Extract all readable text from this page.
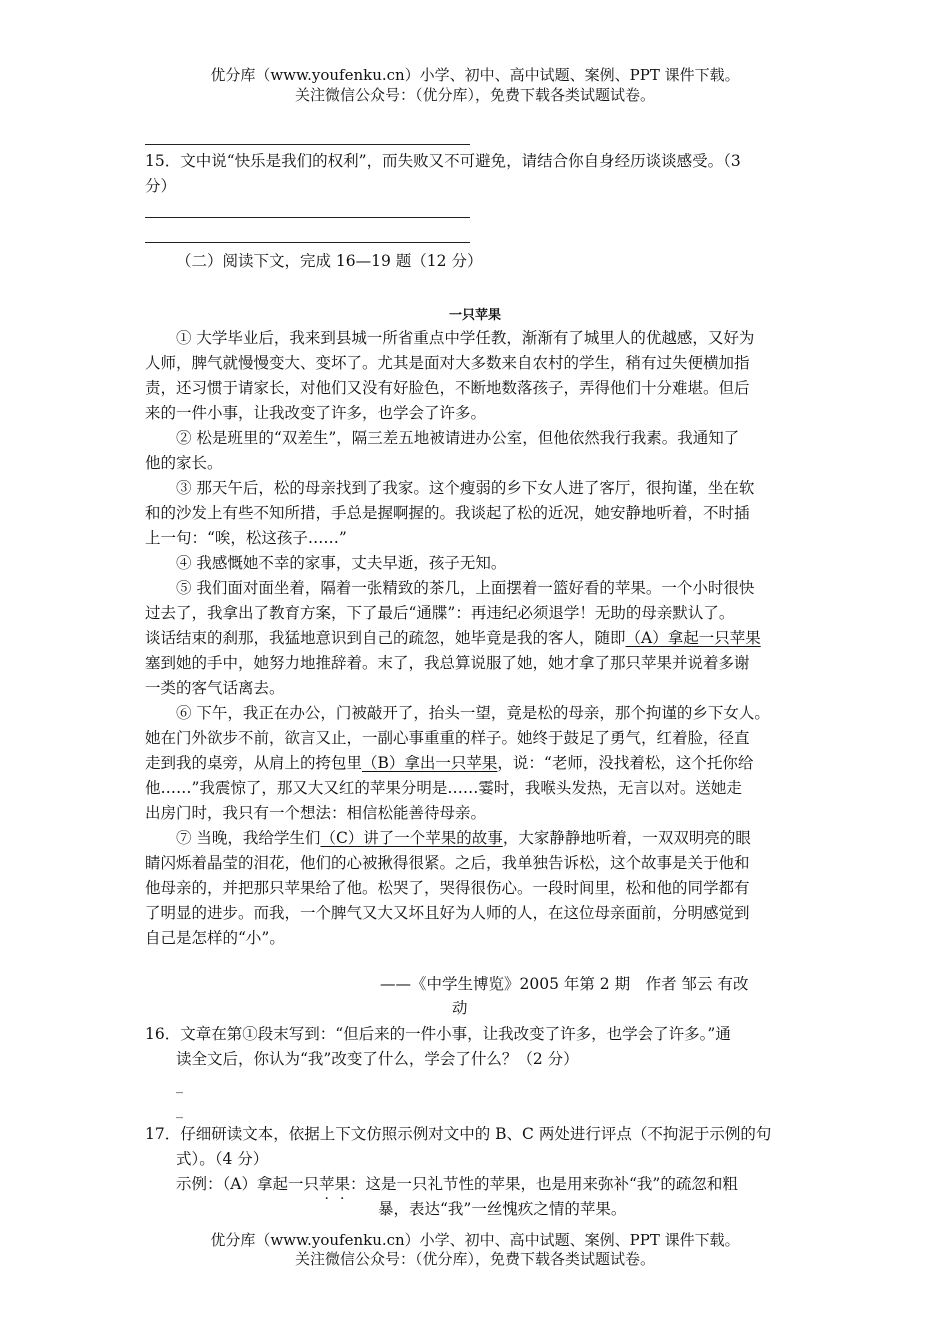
优分库（www.youfenku.cn）小学、初中、高中试题、案例、PPT 课件下载。
关注微信公众号：（优分库），免费下载各类试题试卷。
15．文中说“快乐是我们的权利”，而失败又不可避免，请结合你自身经历谈谈感受。（3
分）
（二）阅读下文，完成 16—19 题（12 分）
一只苹果
① 大学毕业后，我来到县城一所省重点中学任教，渐渐有了城里人的优越感，又好为
人师，脾气就慢慢变大、变坏了。尤其是面对大多数来自农村的学生，稍有过失便横加指
责，还习惯于请家长，对他们又没有好脸色，不断地数落孩子，弄得他们十分难堪。但后
来的一件小事，让我改变了许多，也学会了许多。
② 松是班里的“双差生”，隔三差五地被请进办公室，但他依然我行我素。我通知了
他的家长。
③ 那天午后，松的母亲找到了我家。这个瘦弱的乡下女人进了客厅，很拘谨，坐在软
和的沙发上有些不知所措，手总是握啊握的。我谈起了松的近况，她安静地听着，不时插
上一句：“唉，松这孩子……”
④ 我感慨她不幸的家事，丈夫早逝，孩子无知。
⑤ 我们面对面坐着，隔着一张精致的茶几，上面摆着一篮好看的苹果。一个小时很快
过去了，我拿出了教育方案，下了最后“通牒”：再违纪必须退学！无助的母亲默认了。
谈话结束的刹那，我猛地意识到自己的疏忽，她毕竟是我的客人，随即（A）拿起一只苹果
塞到她的手中，她努力地推辞着。末了，我总算说服了她，她才拿了那只苹果并说着多谢
一类的客气话离去。
⑥ 下午，我正在办公，门被敲开了，抬头一望，竟是松的母亲，那个拘谨的乡下女人。
她在门外欲步不前，欲言又止，一副心事重重的样子。她终于鼓足了勇气，红着脸，径直
走到我的桌旁，从肩上的挎包里（B）拿出一只苹果，说：“老师，没找着松，这个托你给
他……”我震惊了，那又大又红的苹果分明是……霎时，我喉头发热，无言以对。送她走
出房门时，我只有一个想法：相信松能善待母亲。
⑦ 当晚，我给学生们（C）讲了一个苹果的故事，大家静静地听着，一双双明亮的眼
睛闪烁着晶莹的泪花，他们的心被揪得很紧。之后，我单独告诉松，这个故事是关于他和
他母亲的，并把那只苹果给了他。松哭了，哭得很伤心。一段时间里，松和他的同学都有
了明显的进步。而我，一个脾气又大又坏且好为人师的人，在这位母亲面前，分明感觉到
自己是怎样的“小”。
——《中学生博览》2005 年第 2 期　作者 邹云 有改
动
16．文章在第①段末写到：“但后来的一件小事，让我改变了许多，也学会了许多。”通
读全文后，你认为“我”改变了什么，学会了什么？（2 分）
_
_
17．仔细研读文本，依据上下文仿照示例对文中的 B、C 两处进行评点（不拘泥于示例的句
式）。（4 分）
示例：（A）拿起一只苹果：这是一只礼节性的苹果，也是用来弥补“我”的疏忽和粗
暴，表达“我”一丝愧疚之情的苹果。
优分库（www.youfenku.cn）小学、初中、高中试题、案例、PPT 课件下载。
关注微信公众号：（优分库），免费下载各类试题试卷。
